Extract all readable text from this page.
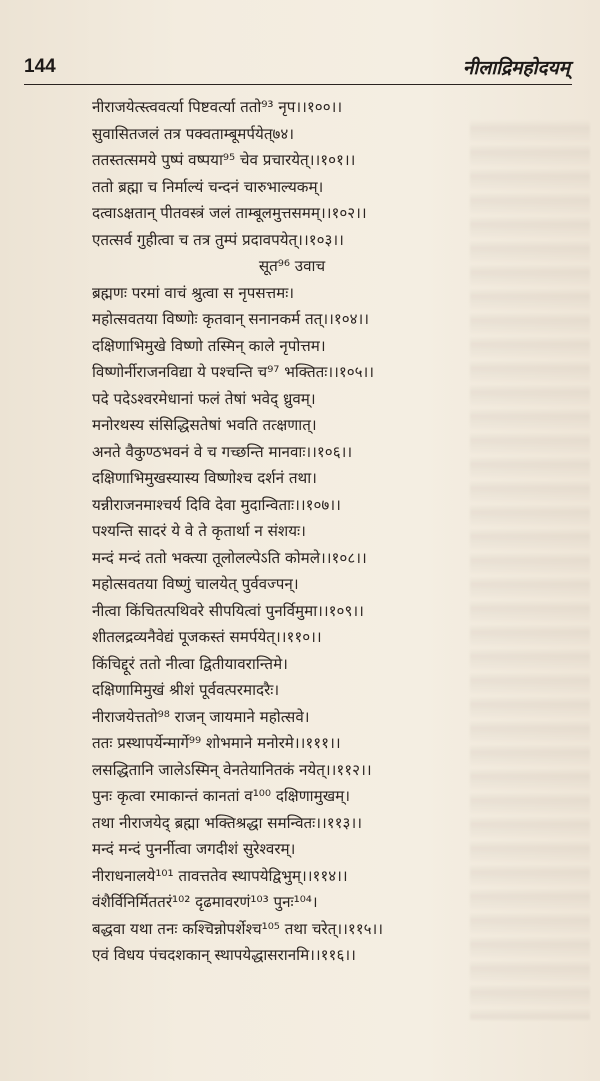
144	नीलाद्रिमहोदयम्
नीराजयेत्स्त्ववर्त्या पिष्टवर्त्या ततो⁹³ नृप।।१००।।
सुवासितजलं तत्र पक्वताम्बूमर्पयेत्७४।
ततस्तत्समये पुष्पं वष्पया⁹⁵ चेव प्रचारयेत्।।१०१।।
ततो ब्रह्मा च निर्माल्यं चन्दनं चारुभाल्यकम्।
दत्वाऽक्षतान् पीतवस्त्रं जलं ताम्बूलमुत्तसमम्।।१०२।।
एतत्सर्व गुहीत्वा च तत्र तुम्पं प्रदावपयेत्।।१०३।।
सूत⁹⁶ उवाच
ब्रह्मणः परमां वाचं श्रुत्वा स नृपसत्तमः।
महोत्सवतया विष्णोः कृतवान् सनानकर्म तत्।।१०४।।
दक्षिणाभिमुखे विष्णो तस्मिन् काले नृपोत्तम।
विष्णोर्नीराजनविद्या ये पश्चन्ति च⁹⁷ भक्तितः।।१०५।।
पदे पदेऽश्वरमेधानां फलं तेषां भवेद् ध्रुवम्।
मनोरथस्य संसिद्धिसतेषां भवति तत्क्षणात्।
अनते वैकुण्ठभवनं वे च गच्छन्ति मानवाः।।१०६।।
दक्षिणाभिमुखस्यास्य विष्णोश्च दर्शनं तथा।
यन्नीराजनमाश्चर्य दिवि देवा मुदान्विताः।।१०७।।
पश्यन्ति सादरं ये वे ते कृतार्था न संशयः।
मन्दं मन्दं ततो भक्त्या तूलोलल्पेऽति कोमले।।१०८।।
महोत्सवतया विष्णुं चालयेत् पुर्ववज्पन्।
नीत्वा किंचितत्पथिवरे सीपयित्वां पुनर्विमुमा।।१०९।।
शीतलद्रव्यनैवेद्यं पूजकस्तं समर्पयेत्।।११०।।
किंचिद्दूरं ततो नीत्वा द्वितीयावरान्तिमे।
दक्षिणामिमुखं श्रीशं पूर्ववत्परमादरैः।
नीराजयेत्ततो⁹⁸ राजन् जायमाने महोत्सवे।
ततः प्रस्थापर्येन्मार्गे⁹⁹ शोभमाने मनोरमे।।१११।।
लसद्धितानि जालेऽस्मिन् वेनतेयानितकं नयेत्।।११२।।
पुनः कृत्वा रमाकान्तं कानतां व¹⁰⁰ दक्षिणामुखम्।
तथा नीराजयेद् ब्रह्मा भक्तिश्रद्धा समन्वितः।।११३।।
मन्दं मन्दं पुनर्नीत्वा जगदीशं सुरेश्वरम्।
नीराधनालये¹⁰¹ तावत्ततेव स्थापयेद्विभुम्।।११४।।
वंशैर्विनिर्मिततरं¹⁰² दृढमावरणं¹⁰³ पुनः¹⁰⁴।
बद्धवा यथा तनः कश्चिन्नोपर्शेश्च¹⁰⁵ तथा चरेत्।।११५।।
एवं विधय पंचदशकान् स्थापयेद्धासरानमि।।११६।।
